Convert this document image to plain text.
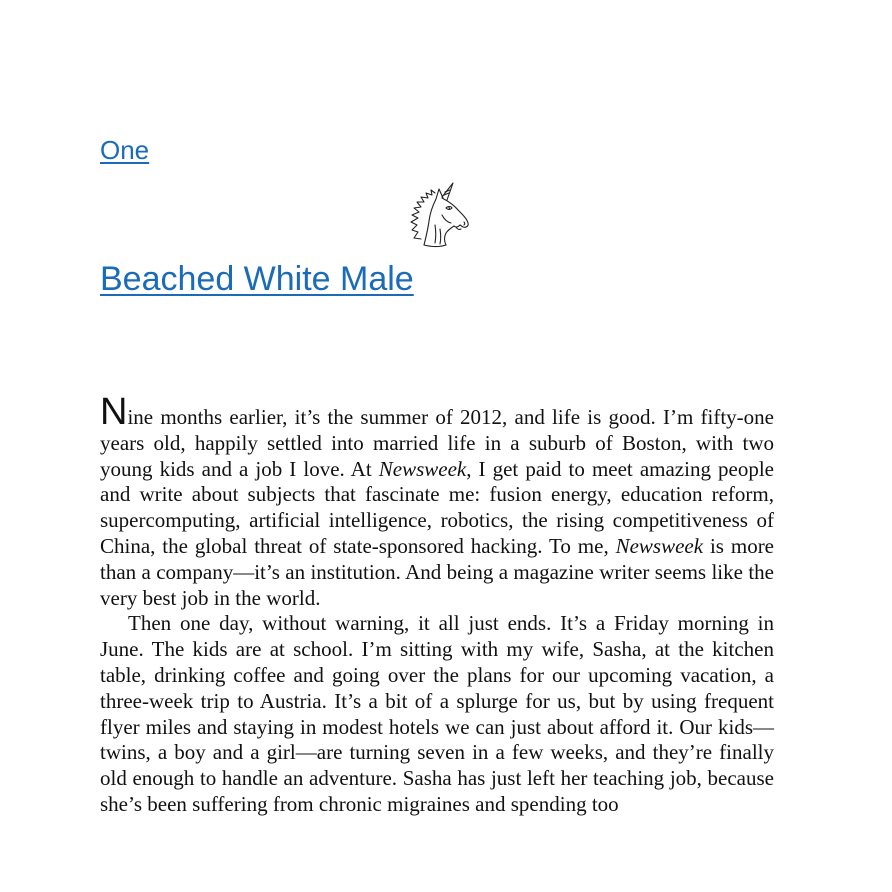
One
Beached White Male

Nine months earlier, it’s the summer of 2012, and life is good. I’m fifty-one years old, happily settled into married life in a suburb of Boston, with two young kids and a job I love. At Newsweek, I get paid to meet amazing people and write about subjects that fascinate me: fusion energy, education reform, supercomputing, artificial intelligence, robotics, the rising competitiveness of China, the global threat of state-sponsored hacking. To me, Newsweek is more than a company—it’s an institution. And being a magazine writer seems like the very best job in the world.

Then one day, without warning, it all just ends. It’s a Friday morning in June. The kids are at school. I’m sitting with my wife, Sasha, at the kitchen table, drinking coffee and going over the plans for our upcoming vacation, a three-week trip to Austria. It’s a bit of a splurge for us, but by using frequent flyer miles and staying in modest hotels we can just about afford it. Our kids—twins, a boy and a girl—are turning seven in a few weeks, and they’re finally old enough to handle an adventure. Sasha has just left her teaching job, because she’s been suffering from chronic migraines and spending too
